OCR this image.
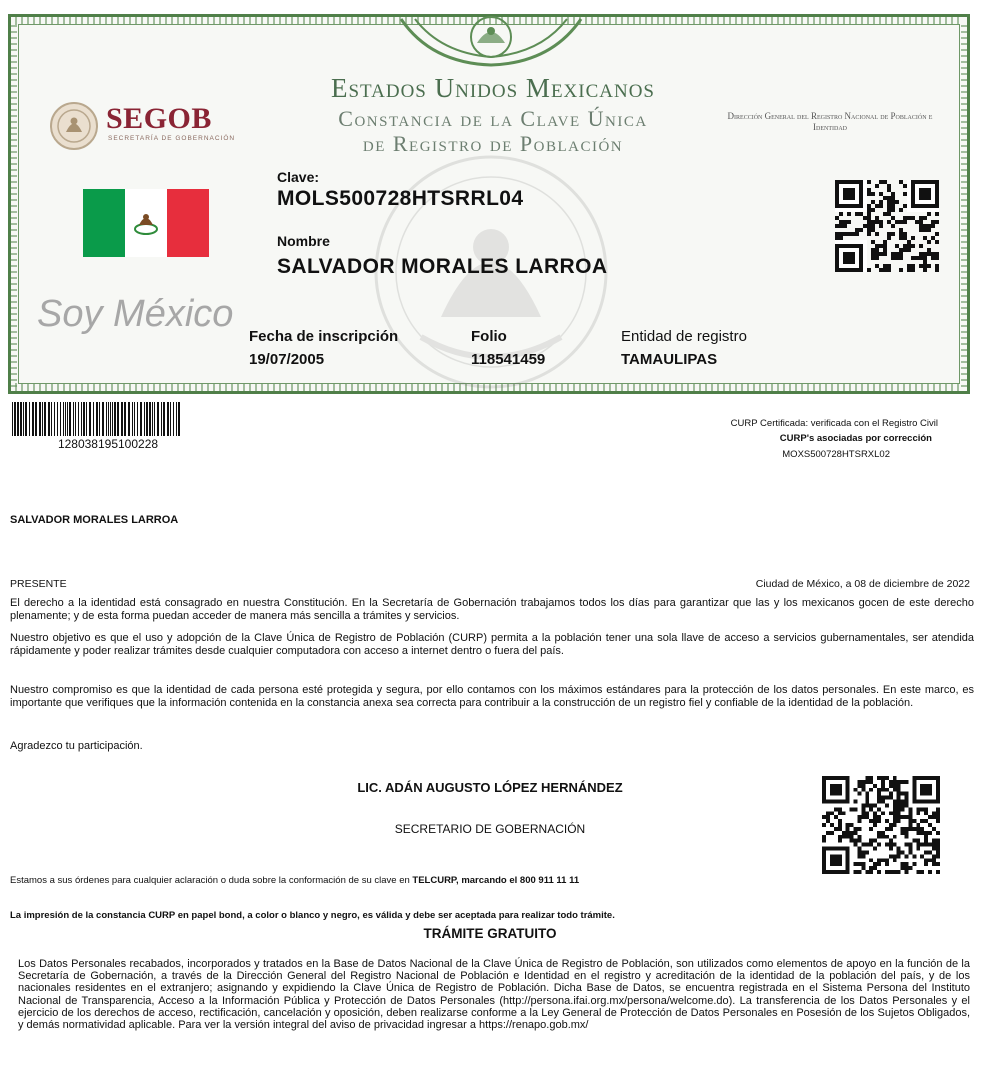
Estados Unidos Mexicanos
Constancia de la Clave Única
de Registro de Población
SEGOB
SECRETARÍA DE GOBERNACIÓN
Dirección General del Registro Nacional de Población e Identidad
Soy México
Clave:
MOLS500728HTSRRL04
Nombre
SALVADOR MORALES LARROA
Fecha de inscripción
19/07/2005
Folio
118541459
Entidad de registro
TAMAULIPAS
128038195100228
CURP Certificada: verificada con el Registro Civil
CURP's asociadas por corrección
MOXS500728HTSRXL02
SALVADOR MORALES LARROA
PRESENTE	Ciudad de México, a 08 de diciembre de 2022
El derecho a la identidad está consagrado en nuestra Constitución. En la Secretaría de Gobernación trabajamos todos los días para garantizar que las y los mexicanos gocen de este derecho plenamente; y de esta forma puedan acceder de manera más sencilla a trámites y servicios.
Nuestro objetivo es que el uso y adopción de la Clave Única de Registro de Población (CURP) permita a la población tener una sola llave de acceso a servicios gubernamentales, ser atendida rápidamente y poder realizar trámites desde cualquier computadora con acceso a internet dentro o fuera del país.
Nuestro compromiso es que la identidad de cada persona esté protegida y segura, por ello contamos con los máximos estándares para la protección de los datos personales. En este marco, es importante que verifiques que la información contenida en la constancia anexa sea correcta para contribuir a la construcción de un registro fiel y confiable de la identidad de la población.
Agradezco tu participación.
LIC. ADÁN AUGUSTO LÓPEZ HERNÁNDEZ
SECRETARIO DE GOBERNACIÓN
Estamos a sus órdenes para cualquier aclaración o duda sobre la conformación de su clave en TELCURP, marcando el 800 911 11 11
La impresión de la constancia CURP en papel bond, a color o blanco y negro, es válida y debe ser aceptada para realizar todo trámite.
TRÁMITE GRATUITO
Los Datos Personales recabados, incorporados y tratados en la Base de Datos Nacional de la Clave Única de Registro de Población, son utilizados como elementos de apoyo en la función de la Secretaría de Gobernación, a través de la Dirección General del Registro Nacional de Población e Identidad en el registro y acreditación de la identidad de la población del país, y de los nacionales residentes en el extranjero; asignando y expidiendo la Clave Única de Registro de Población. Dicha Base de Datos, se encuentra registrada en el Sistema Persona del Instituto Nacional de Transparencia, Acceso a la Información Pública y Protección de Datos Personales (http://persona.ifai.org.mx/persona/welcome.do). La transferencia de los Datos Personales y el ejercicio de los derechos de acceso, rectificación, cancelación y oposición, deben realizarse conforme a la Ley General de Protección de Datos Personales en Posesión de los Sujetos Obligados, y demás normatividad aplicable. Para ver la versión integral del aviso de privacidad ingresar a https://renapo.gob.mx/
